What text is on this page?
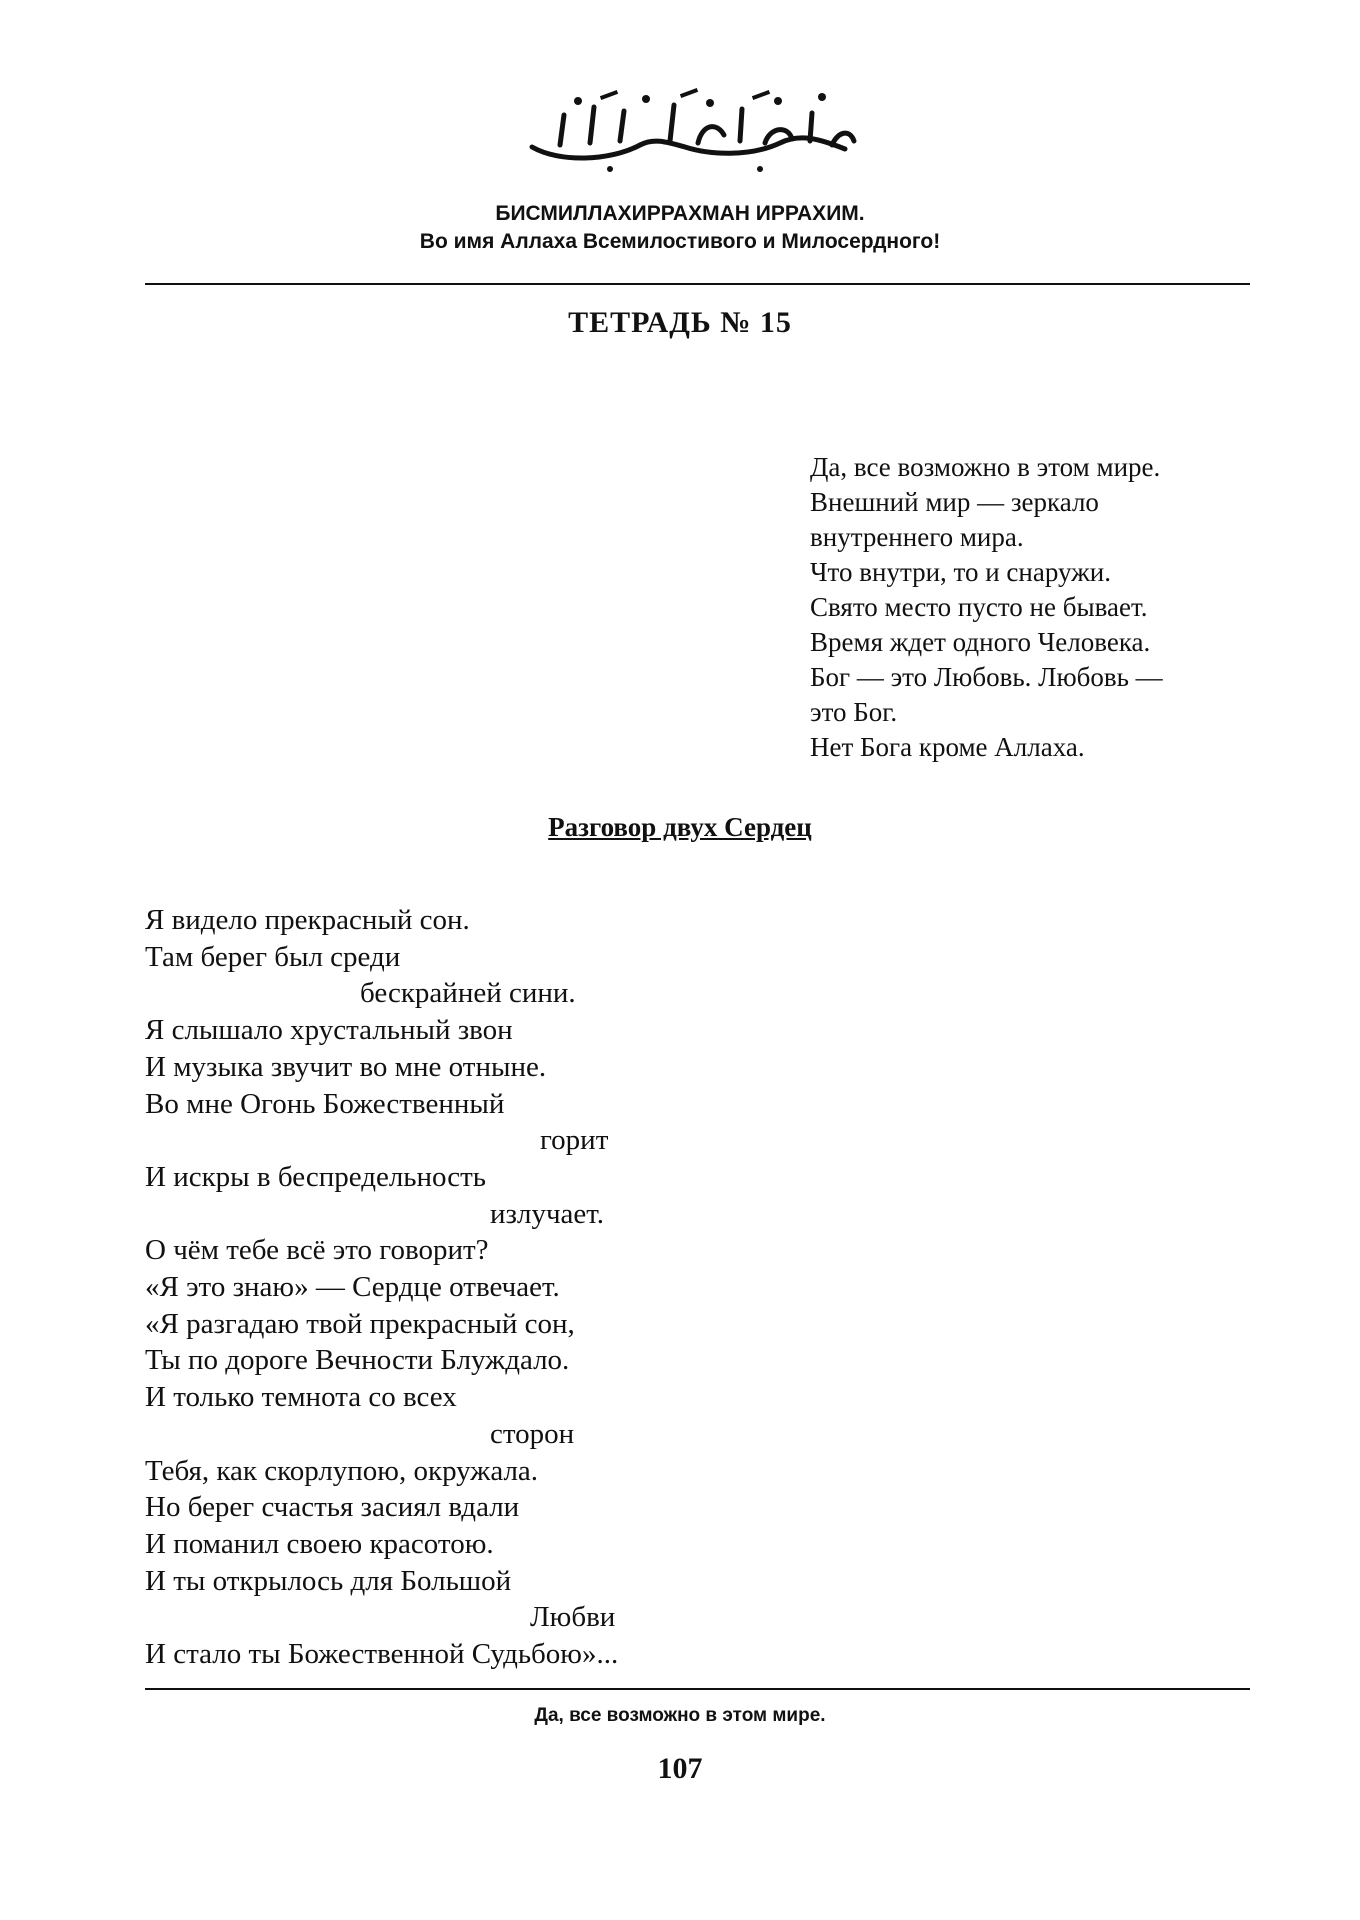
БИСМИЛЛАХИРРАХМАН ИРРАХИМ.
Во имя Аллаха Всемилостивого и Милосердного!
ТЕТРАДЬ № 15
Да, все возможно в этом мире.
Внешний мир — зеркало
внутреннего мира.
Что внутри, то и снаружи.
Свято место пусто не бывает.
Время ждет одного Человека.
Бог — это Любовь. Любовь —
это Бог.
Нет Бога кроме Аллаха.
Разговор двух Сердец
Я видело прекрасный сон.
Там берег был среди
бескрайней сини.
Я слышало хрустальный звон
И музыка звучит во мне отныне.
Во мне Огонь Божественный
горит
И искры в беспредельность
излучает.
О чём тебе всё это говорит?
«Я это знаю» — Сердце отвечает.
«Я разгадаю твой прекрасный сон,
Ты по дороге Вечности Блуждало.
И только темнота со всех
сторон
Тебя, как скорлупою, окружала.
Но берег счастья засиял вдали
И поманил своею красотою.
И ты открылось для Большой
Любви
И стало ты Божественной Судьбою»...
Да, все возможно в этом мире.
107
